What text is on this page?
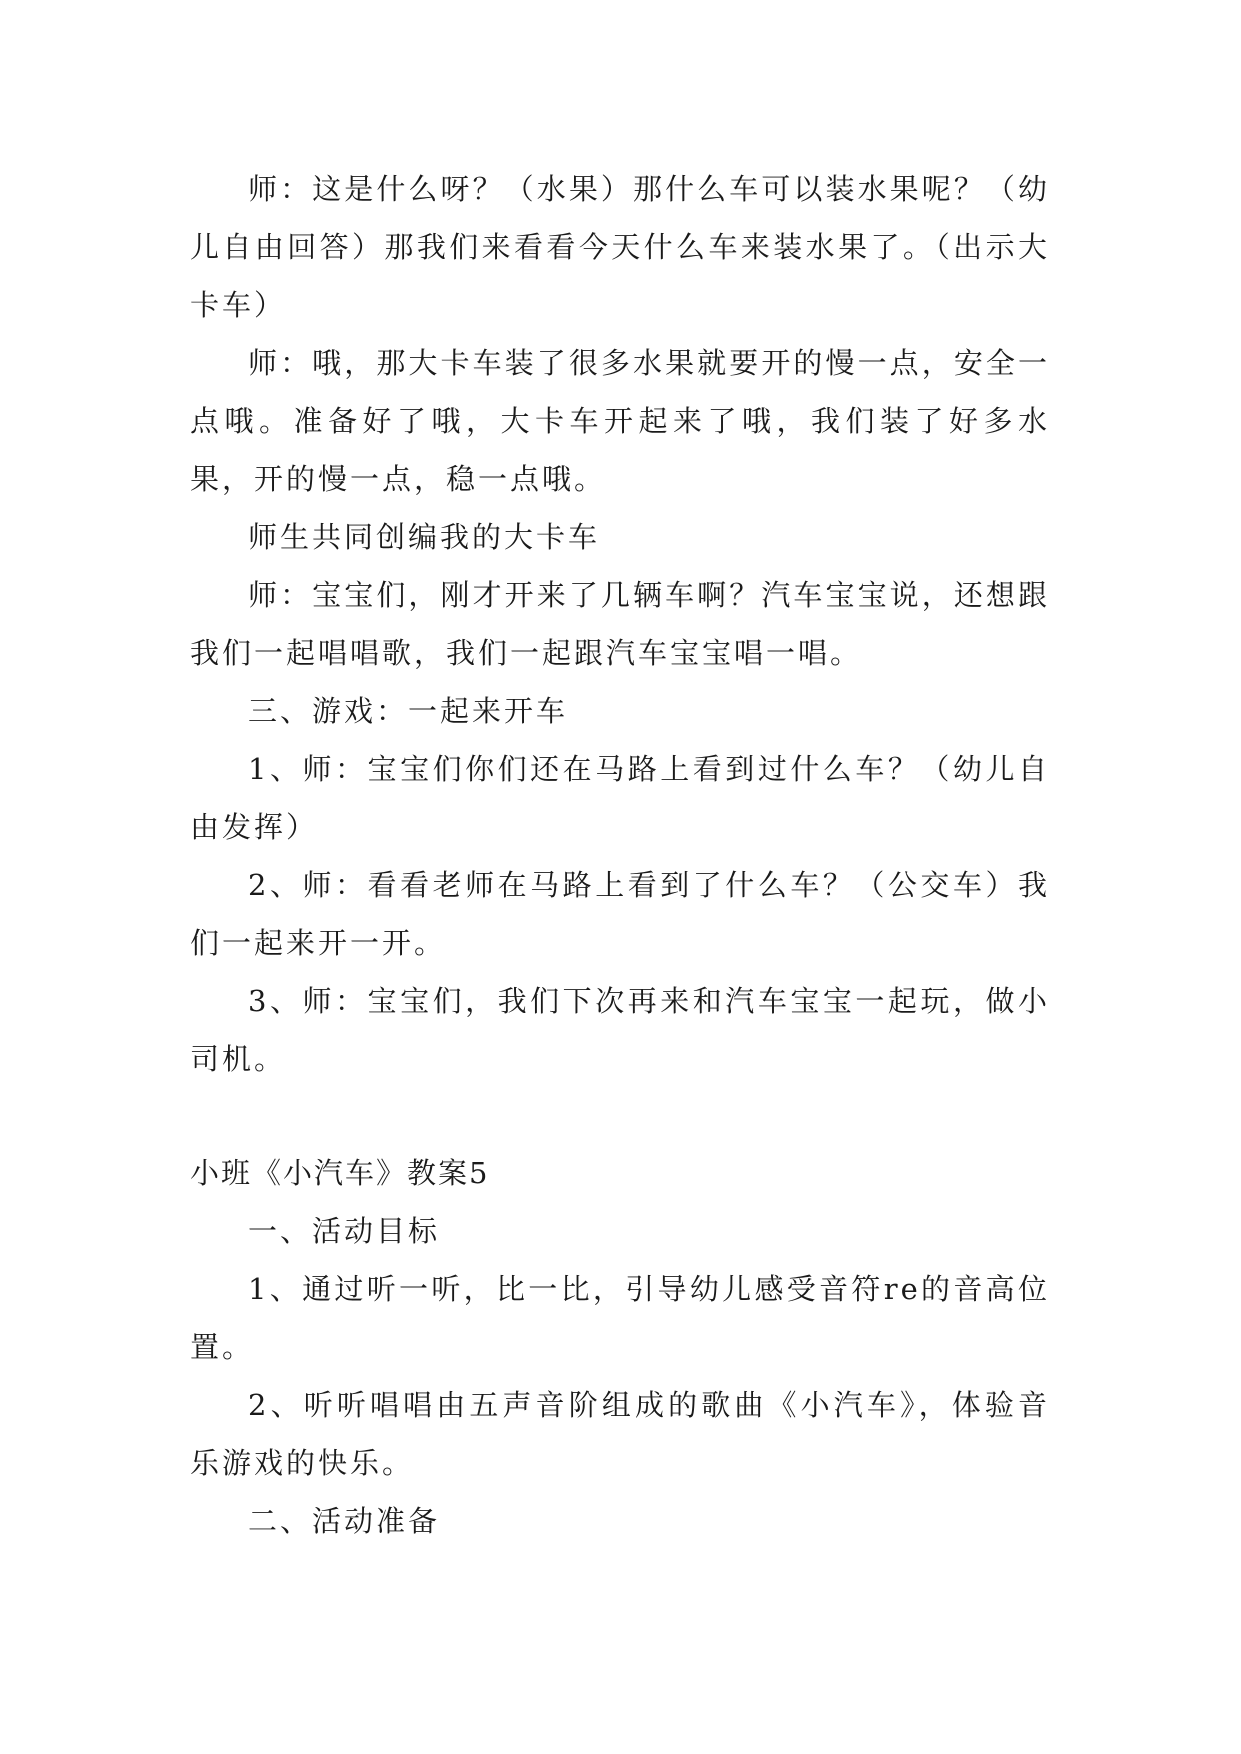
师：这是什么呀？（水果）那什么车可以装水果呢？（幼儿自由回答）那我们来看看今天什么车来装水果了。（出示大卡车）

师：哦，那大卡车装了很多水果就要开的慢一点，安全一点哦。准备好了哦，大卡车开起来了哦，我们装了好多水果，开的慢一点，稳一点哦。

师生共同创编我的大卡车

师：宝宝们，刚才开来了几辆车啊？汽车宝宝说，还想跟我们一起唱唱歌，我们一起跟汽车宝宝唱一唱。

三、游戏：一起来开车

1、师：宝宝们你们还在马路上看到过什么车？（幼儿自由发挥）

2、师：看看老师在马路上看到了什么车？（公交车）我们一起来开一开。

3、师：宝宝们，我们下次再来和汽车宝宝一起玩，做小司机。

小班《小汽车》教案5

一、活动目标

1、通过听一听，比一比，引导幼儿感受音符re的音高位置。

2、听听唱唱由五声音阶组成的歌曲《小汽车》，体验音乐游戏的快乐。

二、活动准备
